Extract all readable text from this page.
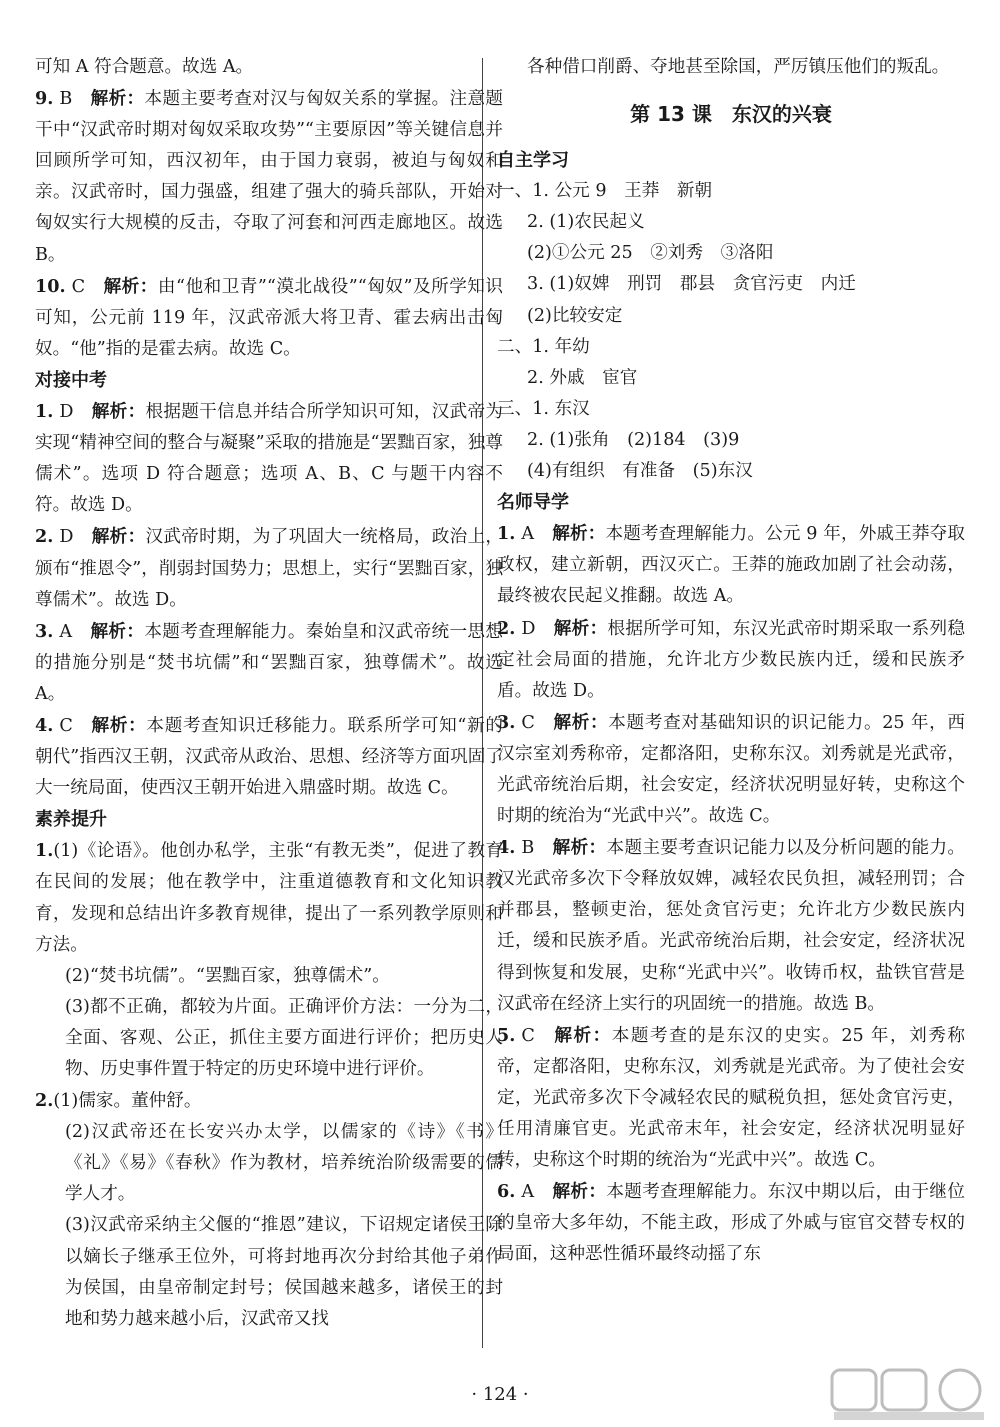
可知 A 符合题意。故选 A。

9. B 解析：本题主要考查对汉与匈奴关系的掌握。注意题干中“汉武帝时期对匈奴采取攻势”“主要原因”等关键信息并回顾所学可知，西汉初年，由于国力衰弱，被迫与匈奴和亲。汉武帝时，国力强盛，组建了强大的骑兵部队，开始对匈奴实行大规模的反击，夺取了河套和河西走廊地区。故选 B。

10. C 解析：由“他和卫青”“漠北战役”“匈奴”及所学知识可知，公元前 119 年，汉武帝派大将卫青、霍去病出击匈奴。“他”指的是霍去病。故选 C。

对接中考

1. D 解析：根据题干信息并结合所学知识可知，汉武帝为实现“精神空间的整合与凝聚”采取的措施是“罢黜百家，独尊儒术”。选项 D 符合题意；选项 A、B、C 与题干内容不符。故选 D。

2. D 解析：汉武帝时期，为了巩固大一统格局，政治上，颁布“推恩令”，削弱封国势力；思想上，实行“罢黜百家，独尊儒术”。故选 D。

3. A 解析：本题考查理解能力。秦始皇和汉武帝统一思想的措施分别是“焚书坑儒”和“罢黜百家，独尊儒术”。故选 A。

4. C 解析：本题考查知识迁移能力。联系所学可知“新的朝代”指西汉王朝，汉武帝从政治、思想、经济等方面巩固了大一统局面，使西汉王朝开始进入鼎盛时期。故选 C。

素养提升

1.(1)《论语》。他创办私学，主张“有教无类”，促进了教育在民间的发展；他在教学中，注重道德教育和文化知识教育，发现和总结出许多教育规律，提出了一系列教学原则和方法。

(2)“焚书坑儒”。“罢黜百家，独尊儒术”。

(3)都不正确，都较为片面。正确评价方法：一分为二，全面、客观、公正，抓住主要方面进行评价；把历史人物、历史事件置于特定的历史环境中进行评价。

2.(1)儒家。董仲舒。

(2)汉武帝还在长安兴办太学，以儒家的《诗》《书》《礼》《易》《春秋》作为教材，培养统治阶级需要的儒学人才。

(3)汉武帝采纳主父偃的“推恩”建议，下诏规定诸侯王除以嫡长子继承王位外，可将封地再次分封给其他子弟作为侯国，由皇帝制定封号；侯国越来越多，诸侯王的封地和势力越来越小后，汉武帝又找

各种借口削爵、夺地甚至除国，严厉镇压他们的叛乱。

第 13 课　东汉的兴衰

自主学习

一、1. 公元 9　王莽　新朝

2. (1)农民起义

(2)①公元 25　②刘秀　③洛阳

3. (1)奴婢　刑罚　郡县　贪官污吏　内迁

(2)比较安定

二、1. 年幼

2. 外戚　宦官

三、1. 东汉

2. (1)张角　(2)184　(3)9

(4)有组织　有准备　(5)东汉

名师导学

1. A 解析：本题考查理解能力。公元 9 年，外戚王莽夺取政权，建立新朝，西汉灭亡。王莽的施政加剧了社会动荡，最终被农民起义推翻。故选 A。

2. D 解析：根据所学可知，东汉光武帝时期采取一系列稳定社会局面的措施，允许北方少数民族内迁，缓和民族矛盾。故选 D。

3. C 解析：本题考查对基础知识的识记能力。25 年，西汉宗室刘秀称帝，定都洛阳，史称东汉。刘秀就是光武帝，光武帝统治后期，社会安定，经济状况明显好转，史称这个时期的统治为“光武中兴”。故选 C。

4. B 解析：本题主要考查识记能力以及分析问题的能力。汉光武帝多次下令释放奴婢，减轻农民负担，减轻刑罚；合并郡县，整顿吏治，惩处贪官污吏；允许北方少数民族内迁，缓和民族矛盾。光武帝统治后期，社会安定，经济状况得到恢复和发展，史称“光武中兴”。收铸币权，盐铁官营是汉武帝在经济上实行的巩固统一的措施。故选 B。

5. C 解析：本题考查的是东汉的史实。25 年，刘秀称帝，定都洛阳，史称东汉，刘秀就是光武帝。为了使社会安定，光武帝多次下令减轻农民的赋税负担，惩处贪官污吏，任用清廉官吏。光武帝末年，社会安定，经济状况明显好转，史称这个时期的统治为“光武中兴”。故选 C。

6. A 解析：本题考查理解能力。东汉中期以后，由于继位的皇帝大多年幼，不能主政，形成了外戚与宦官交替专权的局面，这种恶性循环最终动摇了东

· 124 ·
